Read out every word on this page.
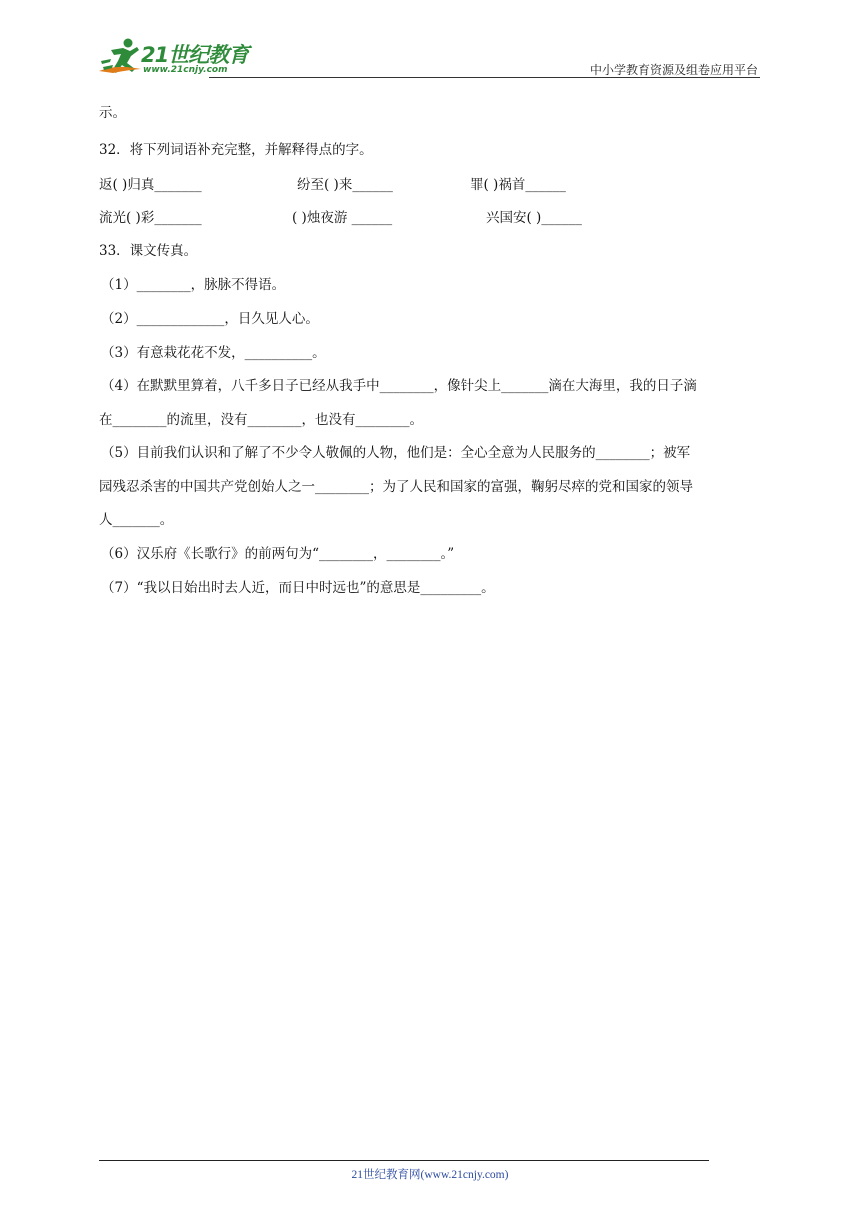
21世纪教育
www.21cnjy.com	中小学教育资源及组卷应用平台
示。
32．将下列词语补充完整，并解释得点的字。
返( )归真_______	纷至( )来______	罪( )祸首______
流光( )彩_______	( )烛夜游 ______	兴国安( )______
33．课文传真。
（1）________，脉脉不得语。
（2）_____________，日久见人心。
（3）有意栽花花不发，__________。
（4）在默默里算着，八千多日子已经从我手中________，像针尖上_______滴在大海里，我的日子滴
在________的流里，没有________，也没有________。
（5）目前我们认识和了解了不少令人敬佩的人物，他们是：全心全意为人民服务的________；被军
园残忍杀害的中国共产党创始人之一________；为了人民和国家的富强，鞠躬尽瘁的党和国家的领导
人_______。
（6）汉乐府《长歌行》的前两句为“________，________。”
（7）“我以日始出时去人近，而日中时远也”的意思是_________。
21世纪教育网(www.21cnjy.com)
